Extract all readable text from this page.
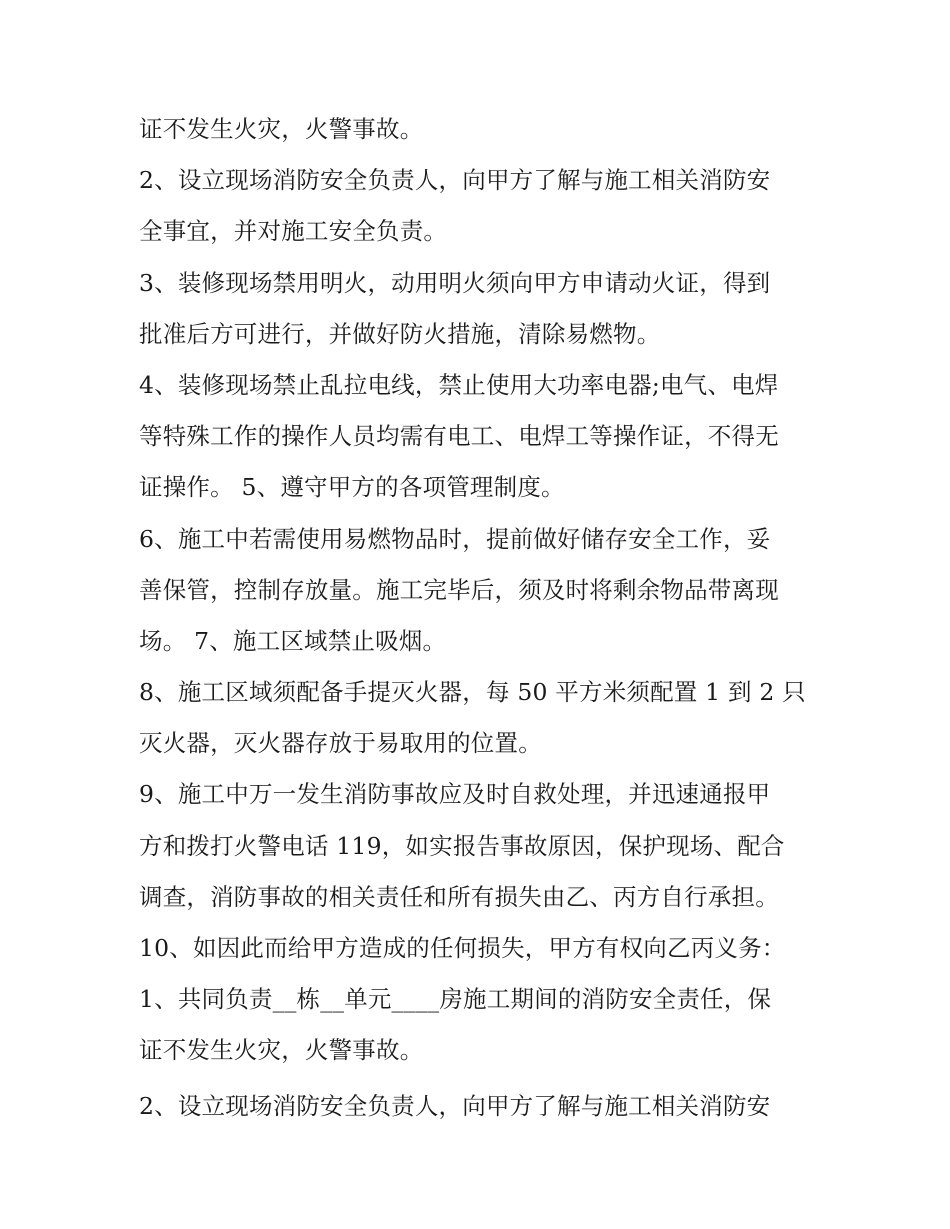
证不发生火灾，火警事故。
2、设立现场消防安全负责人，向甲方了解与施工相关消防安
全事宜，并对施工安全负责。
3、装修现场禁用明火，动用明火须向甲方申请动火证，得到
批准后方可进行，并做好防火措施，清除易燃物。
4、装修现场禁止乱拉电线，禁止使用大功率电器;电气、电焊
等特殊工作的操作人员均需有电工、电焊工等操作证，不得无
证操作。 5、遵守甲方的各项管理制度。
6、施工中若需使用易燃物品时，提前做好储存安全工作，妥
善保管，控制存放量。施工完毕后，须及时将剩余物品带离现
场。 7、施工区域禁止吸烟。
8、施工区域须配备手提灭火器，每 50 平方米须配置 1 到 2 只
灭火器，灭火器存放于易取用的位置。
9、施工中万一发生消防事故应及时自救处理，并迅速通报甲
方和拨打火警电话 119，如实报告事故原因，保护现场、配合
调查，消防事故的相关责任和所有损失由乙、丙方自行承担。
10、如因此而给甲方造成的任何损失，甲方有权向乙丙义务：
1、共同负责__栋__单元____房施工期间的消防安全责任，保
证不发生火灾，火警事故。
2、设立现场消防安全负责人，向甲方了解与施工相关消防安
